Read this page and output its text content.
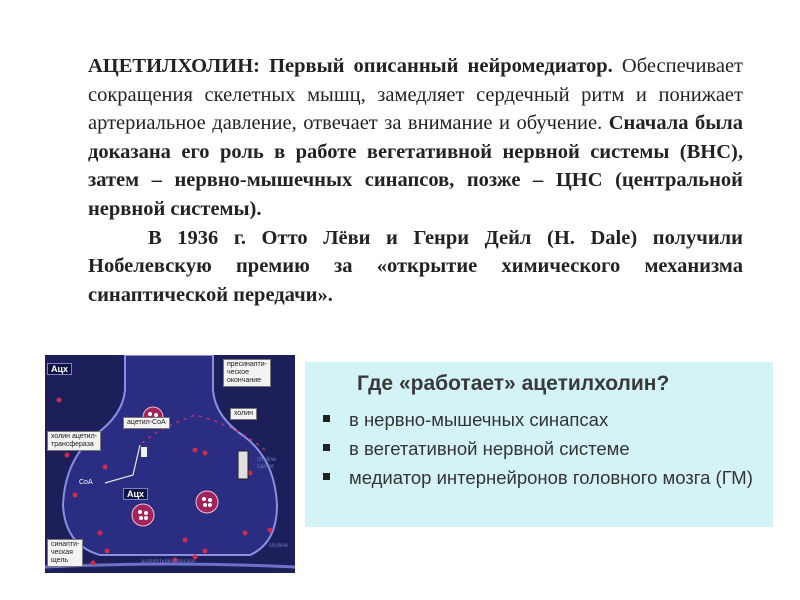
АЦЕТИЛХОЛИН: Первый описанный нейромедиатор. Обеспечивает сокращения скелетных мышц, замедляет сердечный ритм и понижает артериальное давление, отвечает за внимание и обучение. Сначала была доказана его роль в работе вегетативной нервной системы (ВНС), затем – нервно-мышечных синапсов, позже – ЦНС (центральной нервной системы).

В 1936 г. Отто Лёви и Генри Дейл (H. Dale) получили Нобелевскую премию за «открытие химического механизма синаптической передачи».

Ацх	пресинапти-
ческое
окончание
холин
ацетил-CoA
холин ацетил-
трансфераза
CoA
Ацх
синапти-
ческая
щель
choline
carrier
choline
acetylcholinesterase
Где «работает» ацетилхолин?
в нервно-мышечных синапсах
в вегетативной нервной системе
медиатор интернейронов головного мозга (ГМ)
